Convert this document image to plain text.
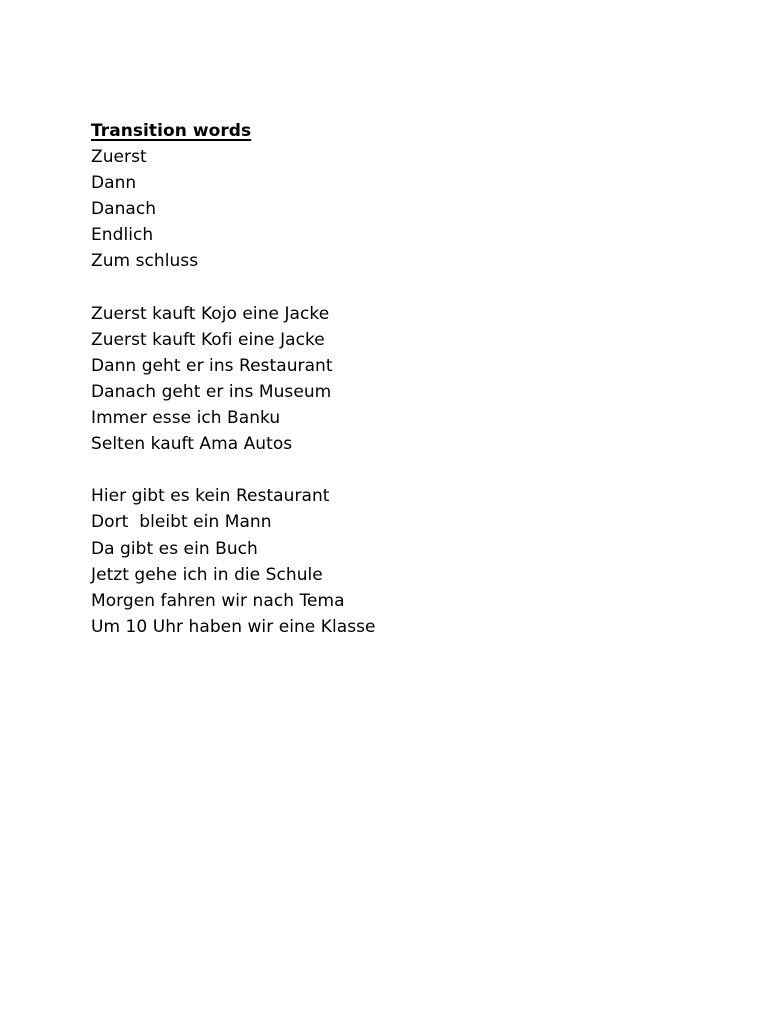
Transition words
Zuerst
Dann
Danach
Endlich
Zum schluss
Zuerst kauft Kojo eine Jacke
Zuerst kauft Kofi eine Jacke
Dann geht er ins Restaurant
Danach geht er ins Museum
Immer esse ich Banku
Selten kauft Ama Autos
Hier gibt es kein Restaurant
Dort  bleibt ein Mann
Da gibt es ein Buch
Jetzt gehe ich in die Schule
Morgen fahren wir nach Tema
Um 10 Uhr haben wir eine Klasse
